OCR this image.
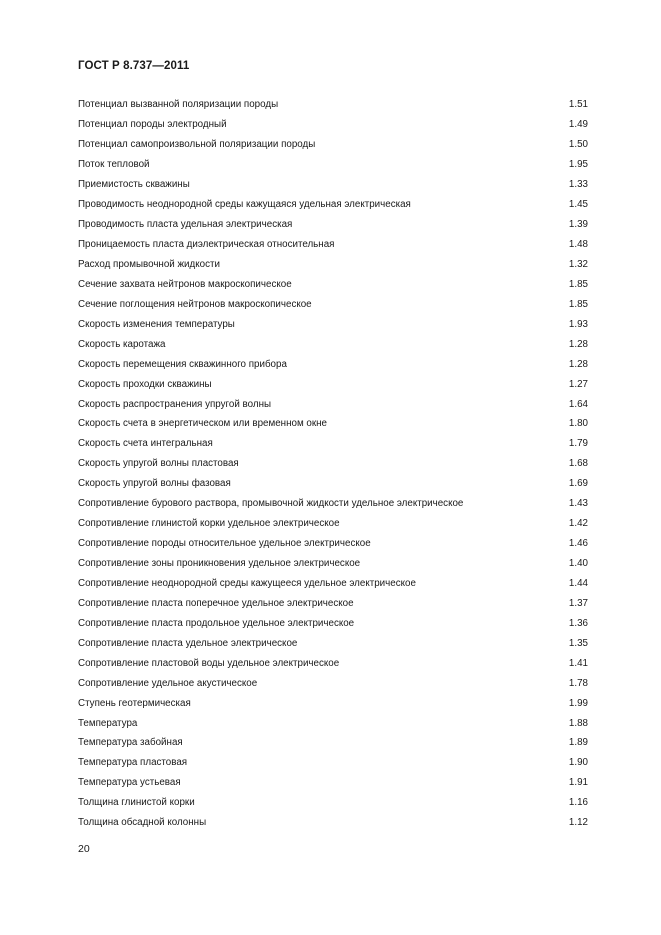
ГОСТ Р 8.737—2011
Потенциал вызванной поляризации породы	1.51
Потенциал породы электродный	1.49
Потенциал самопроизвольной поляризации породы	1.50
Поток тепловой	1.95
Приемистость скважины	1.33
Проводимость неоднородной среды кажущаяся удельная электрическая	1.45
Проводимость пласта удельная электрическая	1.39
Проницаемость пласта диэлектрическая относительная	1.48
Расход промывочной жидкости	1.32
Сечение захвата нейтронов макроскопическое	1.85
Сечение поглощения нейтронов макроскопическое	1.85
Скорость изменения температуры	1.93
Скорость каротажа	1.28
Скорость перемещения скважинного прибора	1.28
Скорость проходки скважины	1.27
Скорость распространения упругой волны	1.64
Скорость счета в энергетическом или временном окне	1.80
Скорость счета интегральная	1.79
Скорость упругой волны пластовая	1.68
Скорость упругой волны фазовая	1.69
Сопротивление бурового раствора, промывочной жидкости удельное электрическое	1.43
Сопротивление глинистой корки удельное электрическое	1.42
Сопротивление породы относительное удельное электрическое	1.46
Сопротивление зоны проникновения удельное электрическое	1.40
Сопротивление неоднородной среды кажущееся удельное электрическое	1.44
Сопротивление пласта поперечное удельное электрическое	1.37
Сопротивление пласта продольное удельное электрическое	1.36
Сопротивление пласта удельное электрическое	1.35
Сопротивление пластовой воды удельное электрическое	1.41
Сопротивление удельное акустическое	1.78
Ступень геотермическая	1.99
Температура	1.88
Температура забойная	1.89
Температура пластовая	1.90
Температура устьевая	1.91
Толщина глинистой корки	1.16
Толщина обсадной колонны	1.12
20
